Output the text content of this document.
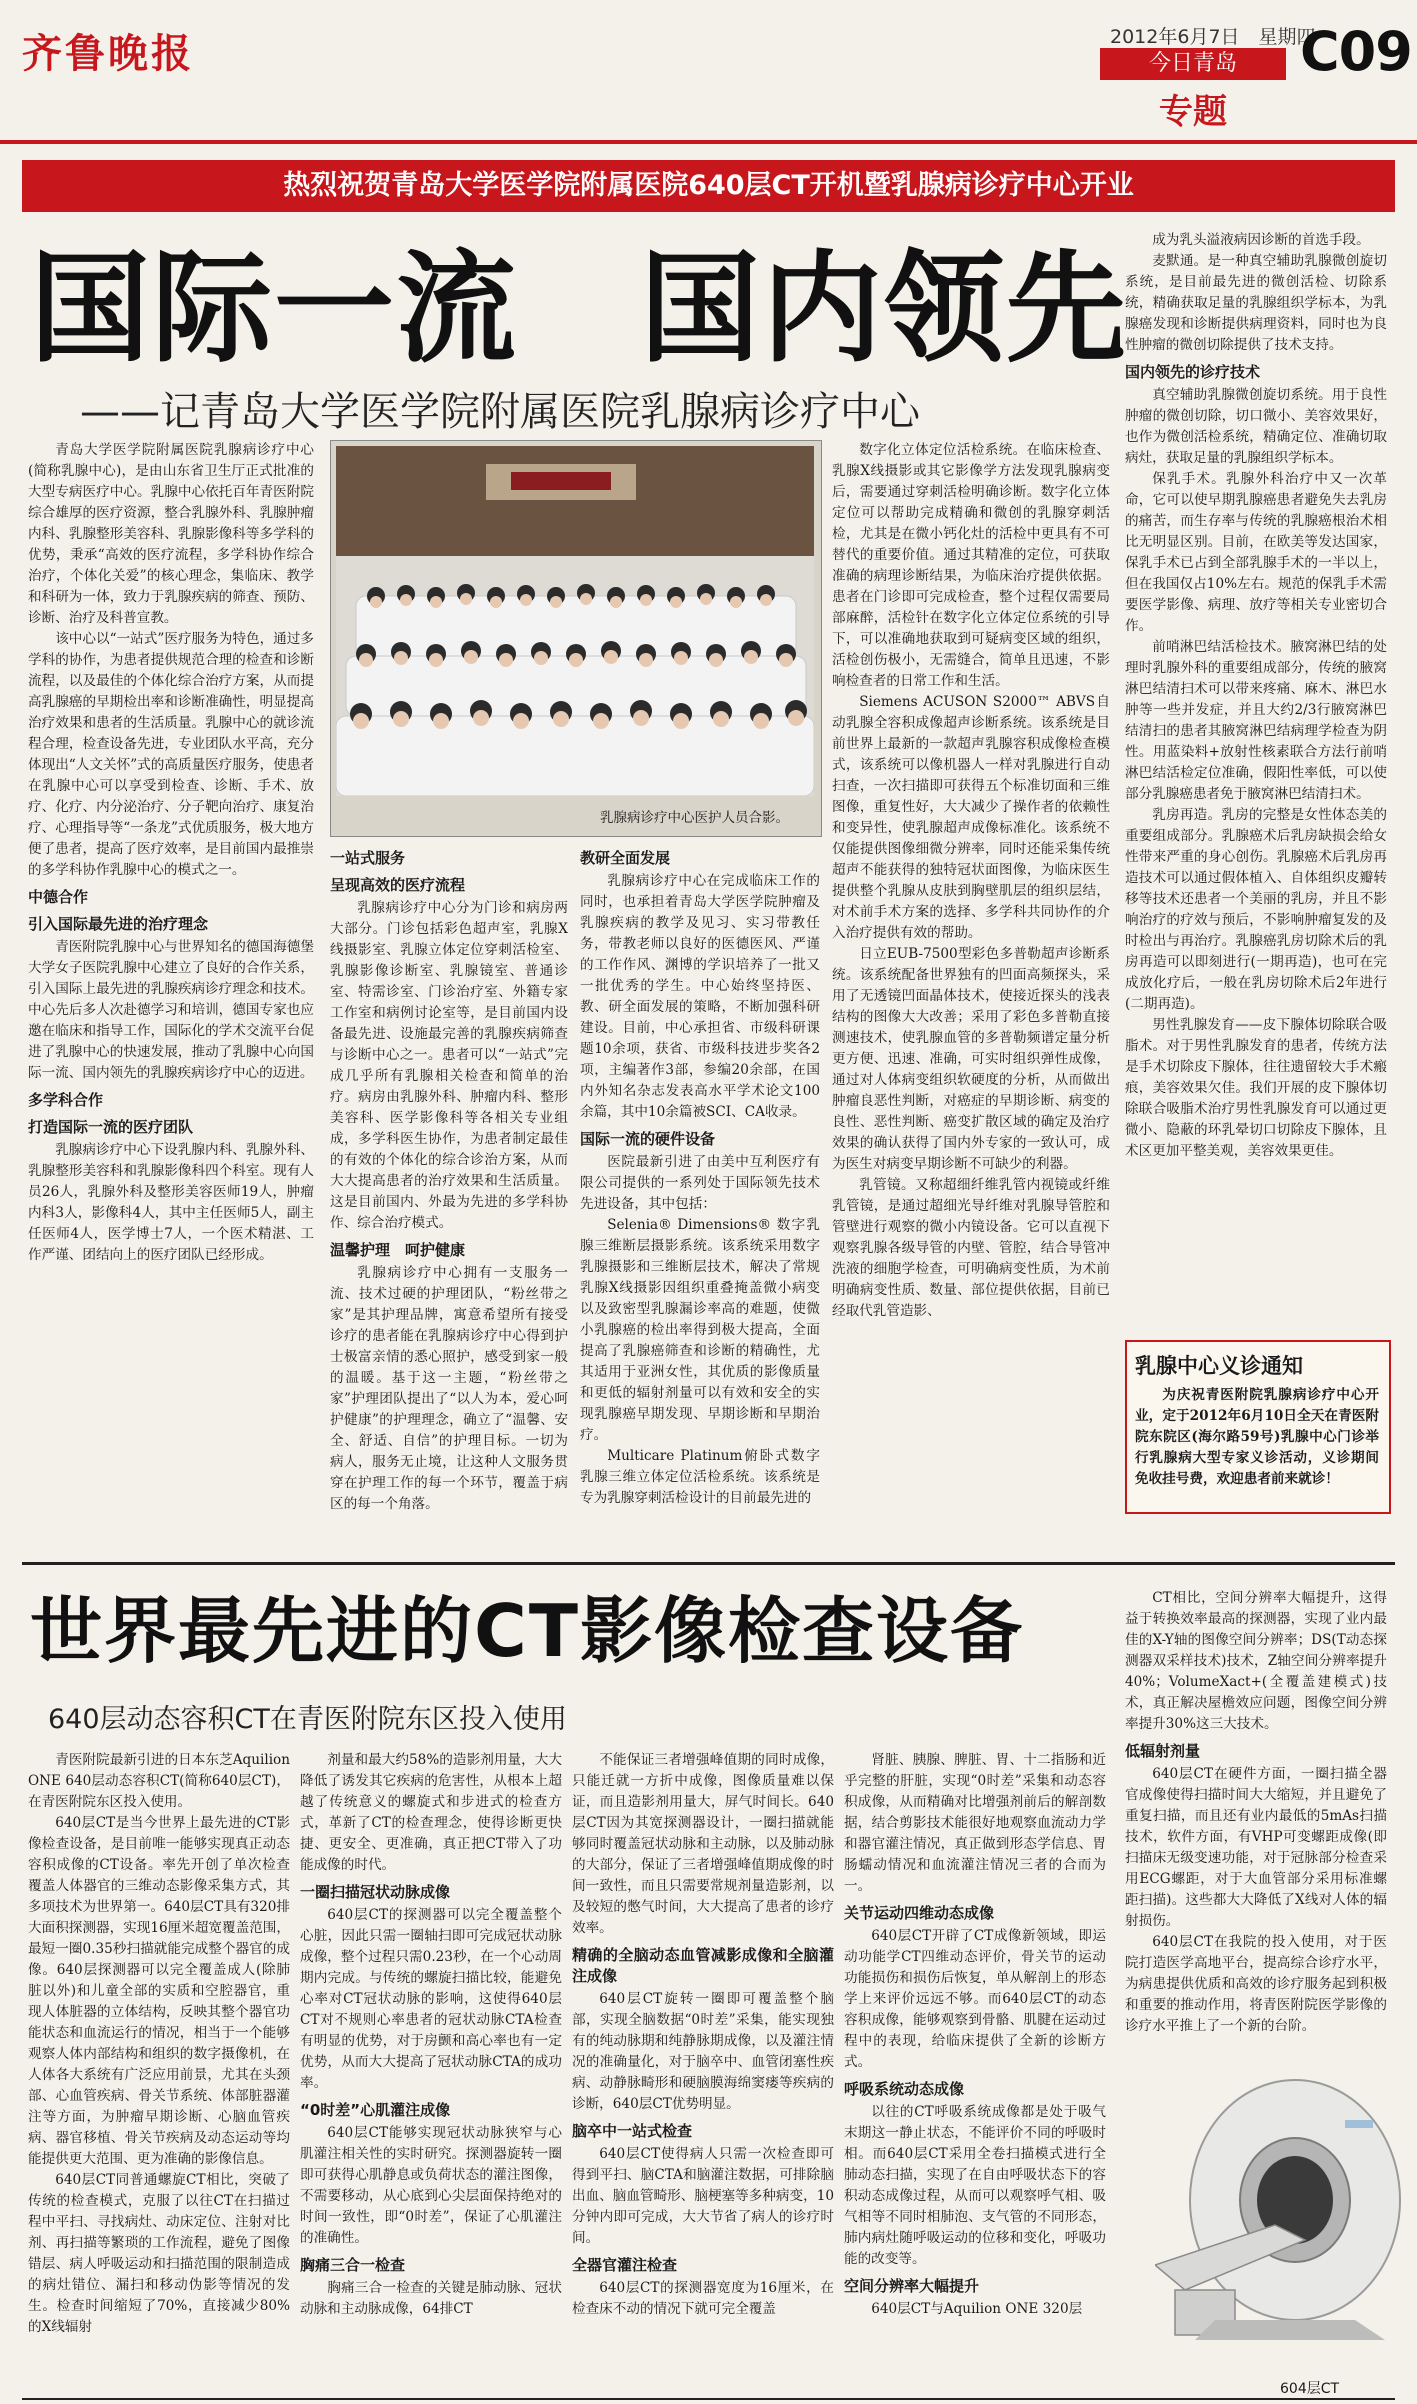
齐鲁晚报	2012年6月7日　星期四
今日青岛
专题
C09
热烈祝贺青岛大学医学院附属医院640层CT开机暨乳腺病诊疗中心开业
国际一流　国内领先
——记青岛大学医学院附属医院乳腺病诊疗中心

青岛大学医学院附属医院乳腺病诊疗中心(简称乳腺中心)，是由山东省卫生厅正式批准的大型专病医疗中心。乳腺中心依托百年青医附院综合雄厚的医疗资源，整合乳腺外科、乳腺肿瘤内科、乳腺整形美容科、乳腺影像科等多学科的优势，秉承“高效的医疗流程，多学科协作综合治疗，个体化关爱”的核心理念，集临床、教学和科研为一体，致力于乳腺疾病的筛查、预防、诊断、治疗及科普宣教。

该中心以“一站式”医疗服务为特色，通过多学科的协作，为患者提供规范合理的检查和诊断流程，以及最佳的个体化综合治疗方案，从而提高乳腺癌的早期检出率和诊断准确性，明显提高治疗效果和患者的生活质量。乳腺中心的就诊流程合理，检查设备先进，专业团队水平高，充分体现出“人文关怀”式的高质量医疗服务，使患者在乳腺中心可以享受到检查、诊断、手术、放疗、化疗、内分泌治疗、分子靶向治疗、康复治疗、心理指导等“一条龙”式优质服务，极大地方便了患者，提高了医疗效率，是目前国内最推崇的多学科协作乳腺中心的模式之一。

中德合作
引入国际最先进的治疗理念

青医附院乳腺中心与世界知名的德国海德堡大学女子医院乳腺中心建立了良好的合作关系，引入国际上最先进的乳腺疾病诊疗理念和技术。中心先后多人次赴德学习和培训，德国专家也应邀在临床和指导工作，国际化的学术交流平台促进了乳腺中心的快速发展，推动了乳腺中心向国际一流、国内领先的乳腺疾病诊疗中心的迈进。

多学科合作
打造国际一流的医疗团队

乳腺病诊疗中心下设乳腺内科、乳腺外科、乳腺整形美容科和乳腺影像科四个科室。现有人员26人，乳腺外科及整形美容医师19人，肿瘤内科3人，影像科4人，其中主任医师5人，副主任医师4人，医学博士7人，一个医术精湛、工作严谨、团结向上的医疗团队已经形成。

乳腺病诊疗中心医护人员合影。
一站式服务
呈现高效的医疗流程

乳腺病诊疗中心分为门诊和病房两大部分。门诊包括彩色超声室，乳腺X线摄影室、乳腺立体定位穿刺活检室、乳腺影像诊断室、乳腺镜室、普通诊室、特需诊室、门诊治疗室、外籍专家工作室和病例讨论室等，是目前国内设备最先进、设施最完善的乳腺疾病筛查与诊断中心之一。患者可以“一站式”完成几乎所有乳腺相关检查和简单的治疗。病房由乳腺外科、肿瘤内科、整形美容科、医学影像科等各相关专业组成，多学科医生协作，为患者制定最佳的有效的个体化的综合诊治方案，从而大大提高患者的治疗效果和生活质量。这是目前国内、外最为先进的多学科协作、综合治疗模式。

温馨护理　呵护健康

乳腺病诊疗中心拥有一支服务一流、技术过硬的护理团队，“粉丝带之家”是其护理品牌，寓意希望所有接受诊疗的患者能在乳腺病诊疗中心得到护士极富亲情的悉心照护，感受到家一般的温暖。基于这一主题，“粉丝带之家”护理团队提出了“以人为本，爱心呵护健康”的护理理念，确立了“温馨、安全、舒适、自信”的护理目标。一切为病人，服务无止境，让这种人文服务贯穿在护理工作的每一个环节，覆盖于病区的每一个角落。

教研全面发展

乳腺病诊疗中心在完成临床工作的同时，也承担着青岛大学医学院肿瘤及乳腺疾病的教学及见习、实习带教任务，带教老师以良好的医德医风、严谨的工作作风、渊博的学识培养了一批又一批优秀的学生。中心始终坚持医、教、研全面发展的策略，不断加强科研建设。目前，中心承担省、市级科研课题10余项，获省、市级科技进步奖各2项，主编著作3部，参编20余部，在国内外知名杂志发表高水平学术论文100余篇，其中10余篇被SCI、CA收录。

国际一流的硬件设备

医院最新引进了由美中互利医疗有限公司提供的一系列处于国际领先技术先进设备，其中包括：

Selenia® Dimensions® 数字乳腺三维断层摄影系统。该系统采用数字乳腺摄影和三维断层技术，解决了常规乳腺X线摄影因组织重叠掩盖微小病变以及致密型乳腺漏诊率高的难题，使微小乳腺癌的检出率得到极大提高，全面提高了乳腺癌筛查和诊断的精确性，尤其适用于亚洲女性，其优质的影像质量和更低的辐射剂量可以有效和安全的实现乳腺癌早期发现、早期诊断和早期治疗。

Multicare Platinum俯卧式数字乳腺三维立体定位活检系统。该系统是专为乳腺穿刺活检设计的目前最先进的

数字化立体定位活检系统。在临床检查、乳腺X线摄影或其它影像学方法发现乳腺病变后，需要通过穿刺活检明确诊断。数字化立体定位可以帮助完成精确和微创的乳腺穿刺活检，尤其是在微小钙化灶的活检中更具有不可替代的重要价值。通过其精准的定位，可获取准确的病理诊断结果，为临床治疗提供依据。患者在门诊即可完成检查，整个过程仅需要局部麻醉，活检针在数字化立体定位系统的引导下，可以准确地获取到可疑病变区域的组织，活检创伤极小，无需缝合，简单且迅速，不影响检查者的日常工作和生活。

Siemens ACUSON S2000™ ABVS自动乳腺全容积成像超声诊断系统。该系统是目前世界上最新的一款超声乳腺容积成像检查模式，该系统可以像机器人一样对乳腺进行自动扫查，一次扫描即可获得五个标准切面和三维图像，重复性好，大大减少了操作者的依赖性和变异性，使乳腺超声成像标准化。该系统不仅能提供图像细微分辨率，同时还能采集传统超声不能获得的独特冠状面图像，为临床医生提供整个乳腺从皮肤到胸壁肌层的组织层结，对术前手术方案的选择、多学科共同协作的介入治疗提供有效的帮助。

日立EUB-7500型彩色多普勒超声诊断系统。该系统配备世界独有的凹面高频探头，采用了无透镜凹面晶体技术，使接近探头的浅表结构的图像大大改善；采用了彩色多普勒直接测速技术，使乳腺血管的多普勒频谱定量分析更方便、迅速、准确，可实时组织弹性成像，通过对人体病变组织软硬度的分析，从而做出肿瘤良恶性判断，对癌症的早期诊断、病变的良性、恶性判断、癌变扩散区域的确定及治疗效果的确认获得了国内外专家的一致认可，成为医生对病变早期诊断不可缺少的利器。

乳管镜。又称超细纤维乳管内视镜或纤维乳管镜，是通过超细光导纤维对乳腺导管腔和管壁进行观察的微小内镜设备。它可以直视下观察乳腺各级导管的内壁、管腔，结合导管冲洗液的细胞学检查，可明确病变性质，为术前明确病变性质、数量、部位提供依据，目前已经取代乳管造影、

成为乳头溢液病因诊断的首选手段。

麦默通。是一种真空辅助乳腺微创旋切系统，是目前最先进的微创活检、切除系统，精确获取足量的乳腺组织学标本，为乳腺癌发现和诊断提供病理资料，同时也为良性肿瘤的微创切除提供了技术支持。

国内领先的诊疗技术

真空辅助乳腺微创旋切系统。用于良性肿瘤的微创切除，切口微小、美容效果好，也作为微创活检系统，精确定位、准确切取病灶，获取足量的乳腺组织学标本。

保乳手术。乳腺外科治疗中又一次革命，它可以使早期乳腺癌患者避免失去乳房的痛苦，而生存率与传统的乳腺癌根治术相比无明显区别。目前，在欧美等发达国家，保乳手术已占到全部乳腺手术的一半以上，但在我国仅占10%左右。规范的保乳手术需要医学影像、病理、放疗等相关专业密切合作。

前哨淋巴结活检技术。腋窝淋巴结的处理时乳腺外科的重要组成部分，传统的腋窝淋巴结清扫术可以带来疼痛、麻木、淋巴水肿等一些并发症，并且大约2/3行腋窝淋巴结清扫的患者其腋窝淋巴结病理学检查为阴性。用蓝染料+放射性核素联合方法行前哨淋巴结活检定位准确，假阳性率低，可以使部分乳腺癌患者免于腋窝淋巴结清扫术。

乳房再造。乳房的完整是女性体态美的重要组成部分。乳腺癌术后乳房缺损会给女性带来严重的身心创伤。乳腺癌术后乳房再造技术可以通过假体植入、自体组织皮瓣转移等技术还患者一个美丽的乳房，并且不影响治疗的疗效与预后，不影响肿瘤复发的及时检出与再治疗。乳腺癌乳房切除术后的乳房再造可以即刻进行(一期再造)，也可在完成放化疗后，一般在乳房切除术后2年进行(二期再造)。

男性乳腺发育——皮下腺体切除联合吸脂术。对于男性乳腺发育的患者，传统方法是手术切除皮下腺体，往往遗留较大手术瘢痕，美容效果欠佳。我们开展的皮下腺体切除联合吸脂术治疗男性乳腺发育可以通过更微小、隐蔽的环乳晕切口切除皮下腺体，且术区更加平整美观，美容效果更佳。

乳腺中心义诊通知
为庆祝青医附院乳腺病诊疗中心开业，定于2012年6月10日全天在青医附院东院区(海尔路59号)乳腺中心门诊举行乳腺病大型专家义诊活动，义诊期间免收挂号费，欢迎患者前来就诊！
世界最先进的CT影像检查设备
640层动态容积CT在青医附院东区投入使用

青医附院最新引进的日本东芝Aquilion ONE 640层动态容积CT(简称640层CT)，在青医附院东区投入使用。

640层CT是当今世界上最先进的CT影像检查设备，是目前唯一能够实现真正动态容积成像的CT设备。率先开创了单次检查覆盖人体器官的三维动态影像采集方式，其多项技术为世界第一。640层CT具有320排大面积探测器，实现16厘米超宽覆盖范围，最短一圈0.35秒扫描就能完成整个器官的成像。640层探测器可以完全覆盖成人(除肺脏以外)和儿童全部的实质和空腔器官，重现人体脏器的立体结构，反映其整个器官功能状态和血流运行的情况，相当于一个能够观察人体内部结构和组织的数字摄像机，在人体各大系统有广泛应用前景，尤其在头颈部、心血管疾病、骨关节系统、体部脏器灌注等方面，为肿瘤早期诊断、心脑血管疾病、器官移植、骨关节疾病及动态运动等均能提供更大范围、更为准确的影像信息。

640层CT同普通螺旋CT相比，突破了传统的检查模式，克服了以往CT在扫描过程中平扫、寻找病灶、动床定位、注射对比剂、再扫描等繁琐的工作流程，避免了图像错层、病人呼吸运动和扫描范围的限制造成的病灶错位、漏扫和移动伪影等情况的发生。检查时间缩短了70%，直接减少80%的X线辐射

剂量和最大约58%的造影剂用量，大大降低了诱发其它疾病的危害性，从根本上超越了传统意义的螺旋式和步进式的检查方式，革新了CT的检查理念，使得诊断更快捷、更安全、更准确，真正把CT带入了功能成像的时代。

一圈扫描冠状动脉成像

640层CT的探测器可以完全覆盖整个心脏，因此只需一圈轴扫即可完成冠状动脉成像，整个过程只需0.23秒，在一个心动周期内完成。与传统的螺旋扫描比较，能避免心率对CT冠状动脉的影响，这使得640层CT对不规则心率患者的冠状动脉CTA检查有明显的优势，对于房颤和高心率也有一定优势，从而大大提高了冠状动脉CTA的成功率。

“0时差”心肌灌注成像

640层CT能够实现冠状动脉狭窄与心肌灌注相关性的实时研究。探测器旋转一圈即可获得心肌静息或负荷状态的灌注图像，不需要移动，从心底到心尖层面保持绝对的时间一致性，即“0时差”，保证了心肌灌注的准确性。

胸痛三合一检查

胸痛三合一检查的关键是肺动脉、冠状动脉和主动脉成像，64排CT

不能保证三者增强峰值期的同时成像，只能迁就一方折中成像，图像质量难以保证，而且造影剂用量大，屏气时间长。640层CT因为其宽探测器设计，一圈扫描就能够同时覆盖冠状动脉和主动脉，以及肺动脉的大部分，保证了三者增强峰值期成像的时间一致性，而且只需要常规剂量造影剂，以及较短的憋气时间，大大提高了患者的诊疗效率。

精确的全脑动态血管减影成像和全脑灌注成像

640层CT旋转一圈即可覆盖整个脑部，实现全脑数据“0时差”采集，能实现独有的纯动脉期和纯静脉期成像，以及灌注情况的准确量化，对于脑卒中、血管闭塞性疾病、动静脉畸形和硬脑膜海绵窦瘘等疾病的诊断，640层CT优势明显。

脑卒中一站式检查

640层CT使得病人只需一次检查即可得到平扫、脑CTA和脑灌注数据，可排除脑出血、脑血管畸形、脑梗塞等多种病变，10分钟内即可完成，大大节省了病人的诊疗时间。

全器官灌注检查

640层CT的探测器宽度为16厘米，在检查床不动的情况下就可完全覆盖

肾脏、胰腺、脾脏、胃、十二指肠和近乎完整的肝脏，实现“0时差”采集和动态容积成像，从而精确对比增强剂前后的解剖数据，结合剪影技术能很好地观察血流动力学和器官灌注情况，真正做到形态学信息、胃肠蠕动情况和血流灌注情况三者的合而为一。

关节运动四维动态成像

640层CT开辟了CT成像新领域，即运动功能学CT四维动态评价，骨关节的运动功能损伤和损伤后恢复，单从解剖上的形态学上来评价远远不够。而640层CT的动态容积成像，能够观察到骨骼、肌腱在运动过程中的表现，给临床提供了全新的诊断方式。

呼吸系统动态成像

以往的CT呼吸系统成像都是处于吸气末期这一静止状态，不能评价不同的呼吸时相。而640层CT采用全卷扫描模式进行全肺动态扫描，实现了在自由呼吸状态下的容积动态成像过程，从而可以观察呼气相、吸气相等不同时相肺泡、支气管的不同形态，肺内病灶随呼吸运动的位移和变化，呼吸功能的改变等。

空间分辨率大幅提升

640层CT与Aquilion ONE 320层

CT相比，空间分辨率大幅提升，这得益于转换效率最高的探测器，实现了业内最佳的X-Y轴的图像空间分辨率；DS(T动态探测器双采样技术)技术，Z轴空间分辨率提升40%；VolumeXact+(全覆盖建模式)技术，真正解决屋檐效应问题，图像空间分辨率提升30%这三大技术。

低辐射剂量

640层CT在硬件方面，一圈扫描全器官成像使得扫描时间大大缩短，并且避免了重复扫描，而且还有业内最低的5mAs扫描技术，软件方面，有VHP可变螺距成像(即扫描床无级变速功能，对于冠脉部分检查采用ECG螺距，对于大血管部分采用标准螺距扫描)。这些都大大降低了X线对人体的辐射损伤。

640层CT在我院的投入使用，对于医院打造医学高地平台，提高综合诊疗水平，为病患提供优质和高效的诊疗服务起到积极和重要的推动作用，将青医附院医学影像的诊疗水平推上了一个新的台阶。

604层CT
